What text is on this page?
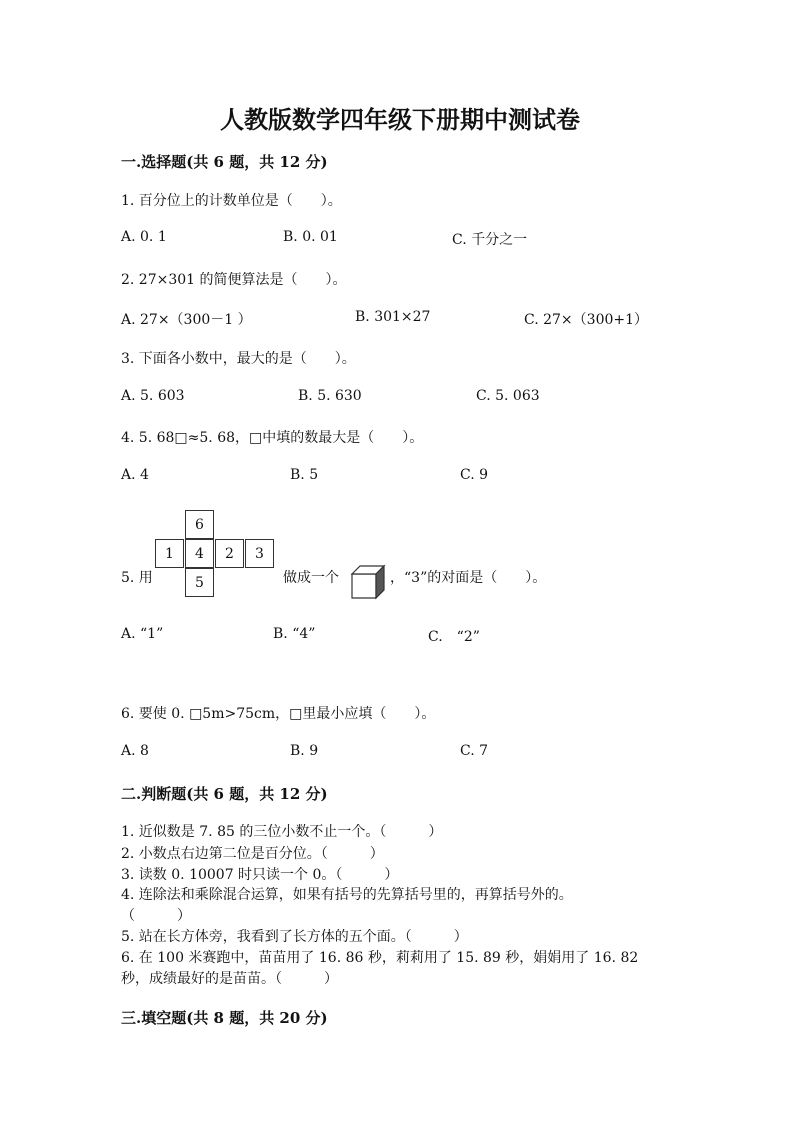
人教版数学四年级下册期中测试卷
一.选择题(共 6 题，共 12 分)
1. 百分位上的计数单位是（　　）。
A. 0. 1	B. 0. 01	C. 千分之一
2. 27×301 的简便算法是（　　）。
A. 27×（300－1 ）	B. 301×27	C. 27×（300+1）
3. 下面各小数中，最大的是（　　）。
A. 5. 603	B. 5. 630	C. 5. 063
4. 5. 68□≈5. 68，□中填的数最大是（　　）。
A. 4	B. 5	C. 9
5. 用
6
1	4	2	3
5	做成一个	，“3”的对面是（　　）。
A. “1”	B. “4”	C.　“2”
6. 要使 0. □5m>75cm，□里最小应填（　　）。
A. 8	B. 9	C. 7
二.判断题(共 6 题，共 12 分)
1. 近似数是 7. 85 的三位小数不止一个。（　　　）
2. 小数点右边第二位是百分位。（　　　）
3. 读数 0. 10007 时只读一个 0。（　　　）
4. 连除法和乘除混合运算，如果有括号的先算括号里的，再算括号外的。
（　　　）
5. 站在长方体旁，我看到了长方体的五个面。（　　　）
6. 在 100 米赛跑中，苗苗用了 16. 86 秒，莉莉用了 15. 89 秒，娟娟用了 16. 82
秒，成绩最好的是苗苗。（　　　）
三.填空题(共 8 题，共 20 分)
